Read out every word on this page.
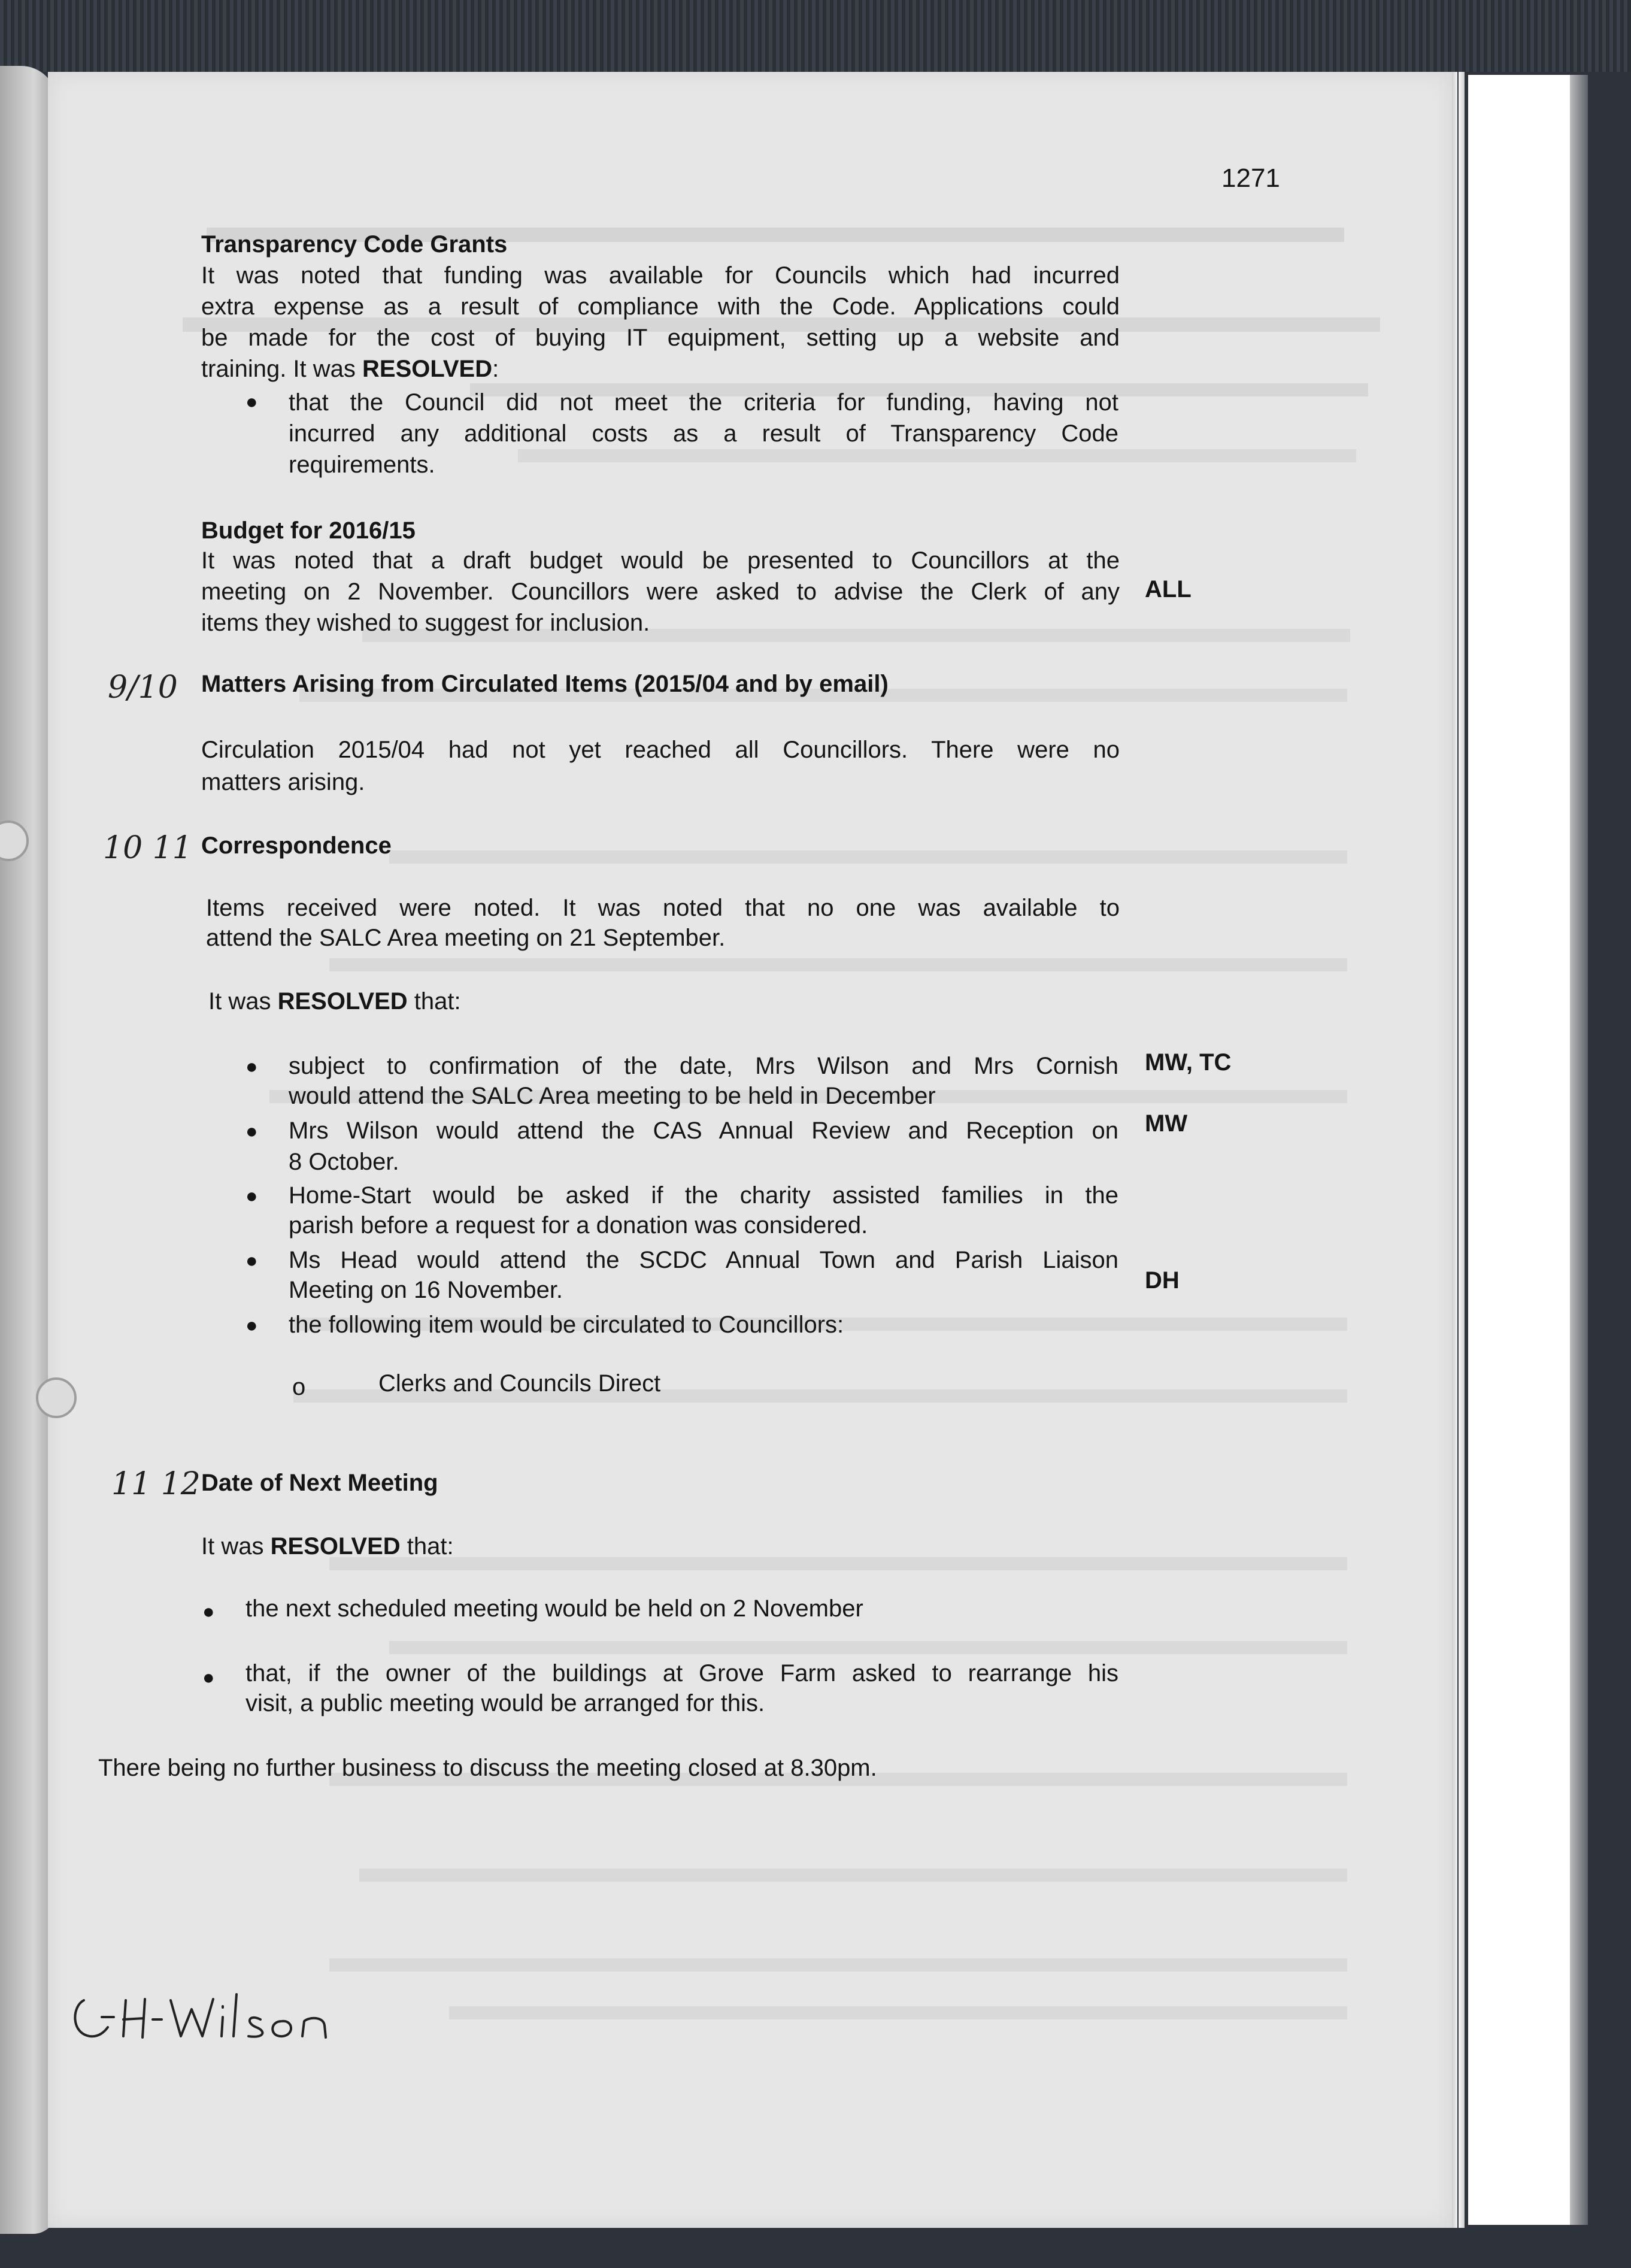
1271
Transparency Code Grants
It was noted that funding was available for Councils which had incurred
extra expense as a result of compliance with the Code. Applications could
be made for the cost of buying IT equipment, setting up a website and
training. It was RESOLVED:
● that the Council did not meet the criteria for funding, having not
incurred any additional costs as a result of Transparency Code
requirements.
Budget for 2016/15
It was noted that a draft budget would be presented to Councillors at the
meeting on 2 November. Councillors were asked to advise the Clerk of any
items they wished to suggest for inclusion.
ALL
9/10 Matters Arising from Circulated Items (2015/04 and by email)
Circulation 2015/04 had not yet reached all Councillors. There were no
matters arising.
10 11 Correspondence
Items received were noted. It was noted that no one was available to
attend the SALC Area meeting on 21 September.
It was RESOLVED that:
● subject to confirmation of the date, Mrs Wilson and Mrs Cornish
would attend the SALC Area meeting to be held in December
MW, TC
● Mrs Wilson would attend the CAS Annual Review and Reception on
8 October.
MW
● Home-Start would be asked if the charity assisted families in the
parish before a request for a donation was considered.
● Ms Head would attend the SCDC Annual Town and Parish Liaison
Meeting on 16 November.	DH
● the following item would be circulated to Councillors:
o	Clerks and Councils Direct
11 12 Date of Next Meeting
It was RESOLVED that:
● the next scheduled meeting would be held on 2 November
● that, if the owner of the buildings at Grove Farm asked to rearrange his
visit, a public meeting would be arranged for this.
There being no further business to discuss the meeting closed at 8.30pm.
